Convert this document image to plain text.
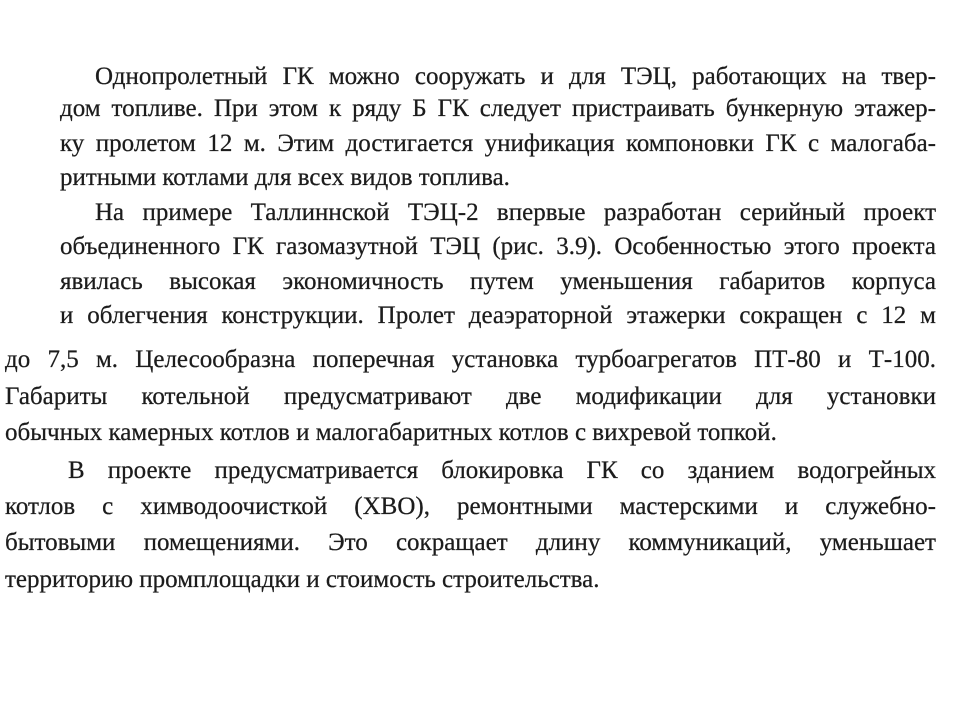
Однопролетный ГК можно сооружать и для ТЭЦ, работающих на твер-

дом топливе. При этом к ряду Б ГК следует пристраивать бункерную этажер-

ку пролетом 12 м. Этим достигается унификация компоновки ГК с малогаба-

ритными котлами для всех видов топлива.

На примере Таллиннской ТЭЦ-2 впервые разработан серийный проект

объединенного ГК газомазутной ТЭЦ (рис. 3.9). Особенностью этого проекта

явилась высокая экономичность путем уменьшения габаритов корпуса

и облегчения конструкции. Пролет деаэраторной этажерки сокращен с 12 м

до 7,5 м. Целесообразна поперечная установка турбоагрегатов ПТ-80 и Т-100.

Габариты котельной предусматривают две модификации для установки

обычных камерных котлов и малогабаритных котлов с вихревой топкой.

В проекте предусматривается блокировка ГК со зданием водогрейных

котлов с химводоочисткой (ХВО), ремонтными мастерскими и служебно-

бытовыми помещениями. Это сокращает длину коммуникаций, уменьшает

территорию промплощадки и стоимость строительства.
